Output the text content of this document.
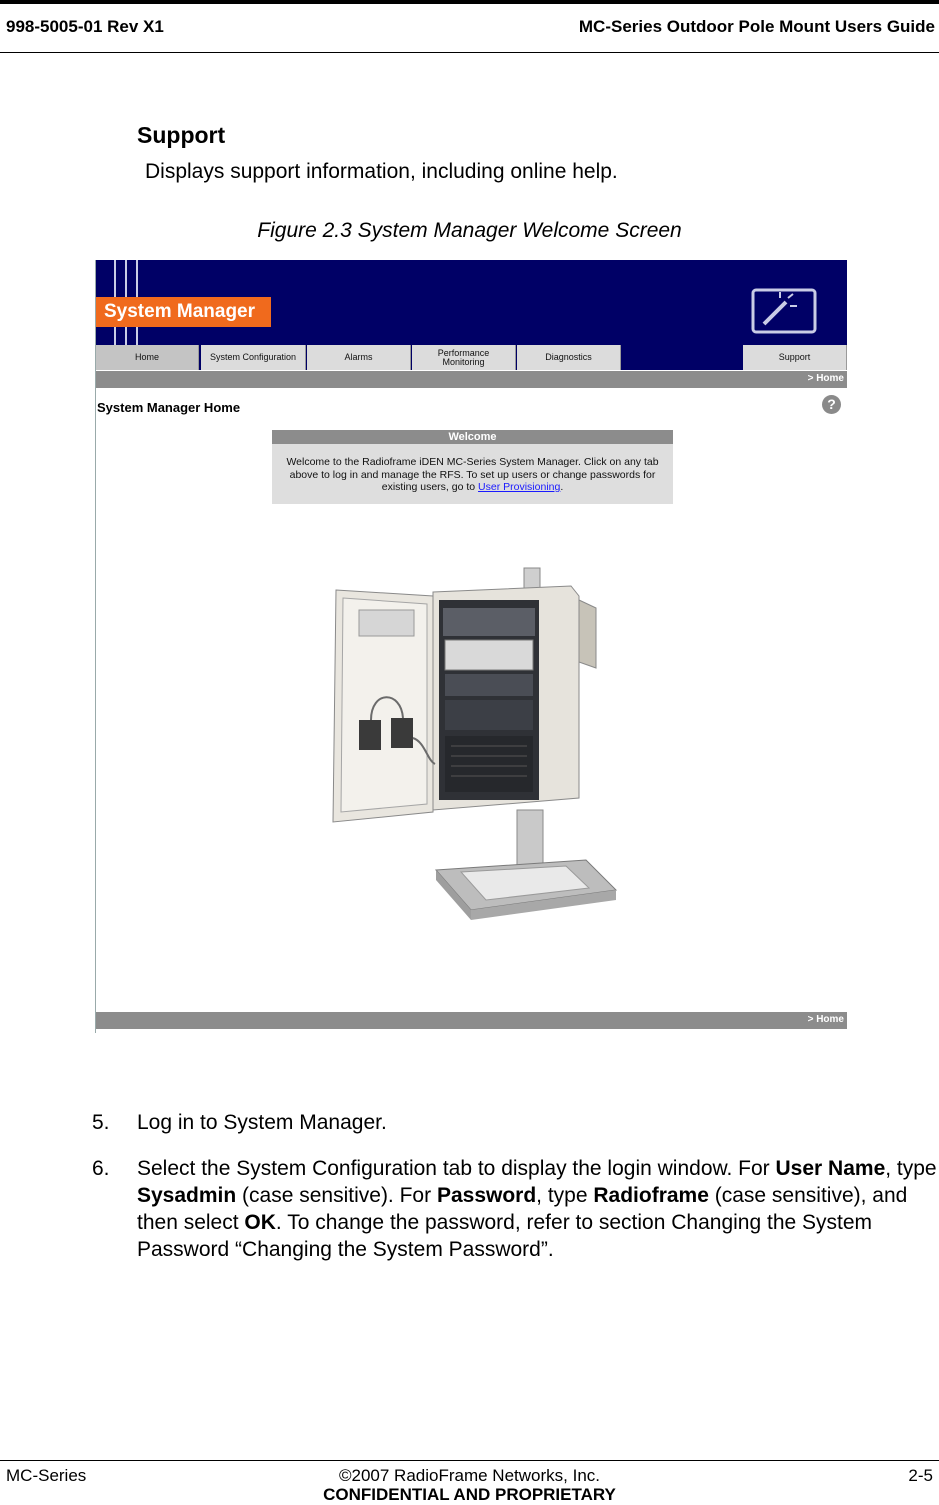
998-5005-01 Rev X1	MC-Series Outdoor Pole Mount Users Guide
Support
Displays support information, including online help.
Figure 2.3 System Manager Welcome Screen
System Manager
Home	System Configuration	Alarms	Performance Monitoring	Diagnostics	Support
> Home
System Manager Home	?
Welcome
Welcome to the Radioframe iDEN MC-Series System Manager. Click on any tab above to log in and manage the RFS. To set up users or change passwords for existing users, go to User Provisioning.
> Home
5. Log in to System Manager.
6. Select the System Configuration tab to display the login window. For User Name, type Sysadmin (case sensitive). For Password, type Radioframe (case sensitive), and then select OK. To change the password, refer to section Changing the System Password “Changing the System Password”.
MC-Series	©2007 RadioFrame Networks, Inc.	2-5
CONFIDENTIAL AND PROPRIETARY
